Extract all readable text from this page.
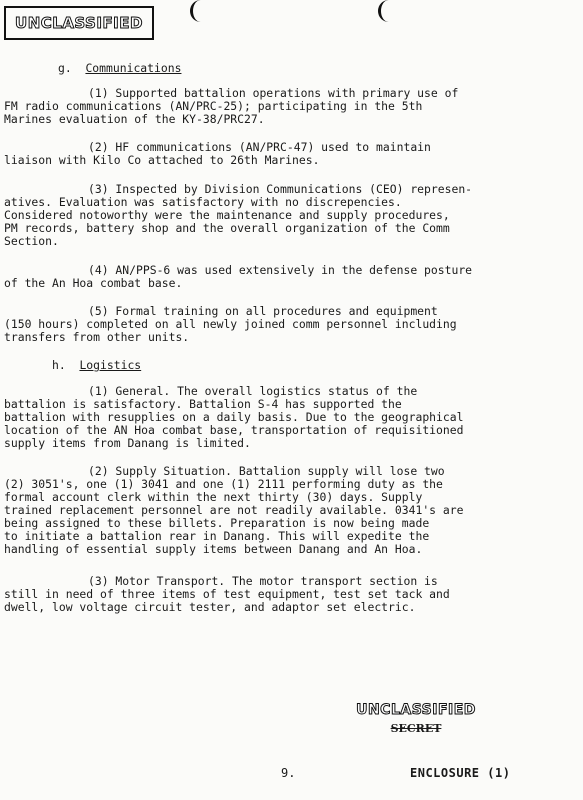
UNCLASSIFIED

g. Communications

(1) Supported battalion operations with primary use of

FM radio communications (AN/PRC-25); participating in the 5th

Marines evaluation of the KY-38/PRC27.

(2) HF communications (AN/PRC-47) used to maintain

liaison with Kilo Co attached to 26th Marines.

(3) Inspected by Division Communications (CEO) represen-

atives. Evaluation was satisfactory with no discrepencies.

Considered notoworthy were the maintenance and supply procedures,

PM records, battery shop and the overall organization of the Comm

Section.

(4) AN/PPS-6 was used extensively in the defense posture

of the An Hoa combat base.

(5) Formal training on all procedures and equipment

(150 hours) completed on all newly joined comm personnel including

transfers from other units.

h. Logistics

(1) General. The overall logistics status of the

battalion is satisfactory. Battalion S-4 has supported the

battalion with resupplies on a daily basis. Due to the geographical

location of the AN Hoa combat base, transportation of requisitioned

supply items from Danang is limited.

(2) Supply Situation. Battalion supply will lose two

(2) 3051's, one (1) 3041 and one (1) 2111 performing duty as the

formal account clerk within the next thirty (30) days. Supply

trained replacement personnel are not readily available. 0341's are

being assigned to these billets. Preparation is now being made

to initiate a battalion rear in Danang. This will expedite the

handling of essential supply items between Danang and An Hoa.

(3) Motor Transport. The motor transport section is

still in need of three items of test equipment, test set tack and

dwell, low voltage circuit tester, and adaptor set electric.

UNCLASSIFIED
SECRET
9.	ENCLOSURE (1)
